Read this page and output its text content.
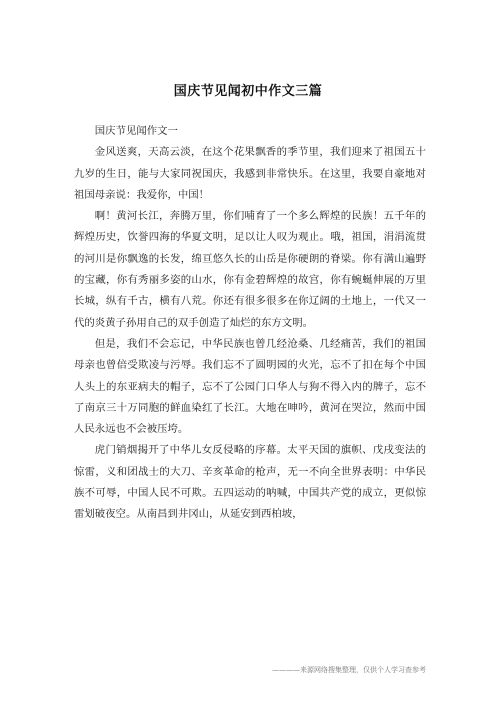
国庆节见闻初中作文三篇

国庆节见闻作文一

金风送爽，天高云淡，在这个花果飘香的季节里，我们迎来了祖国五十九岁的生日，能与大家同祝国庆，我感到非常快乐。在这里，我要自豪地对祖国母亲说：我爱你，中国！

啊！黄河长江，奔腾万里，你们哺育了一个多么辉煌的民族！五千年的辉煌历史，饮誉四海的华夏文明，足以让人叹为观止。哦，祖国，涓涓流贯的河川是你飘逸的长发，绵亘悠久长的山岳是你硬朗的脊梁。你有满山遍野的宝藏，你有秀丽多姿的山水，你有金碧辉煌的故宫，你有蜿蜒伸展的万里长城，纵有千古，横有八荒。你还有很多很多在你辽阔的土地上，一代又一代的炎黄子孙用自己的双手创造了灿烂的东方文明。

但是，我们不会忘记，中华民族也曾几经沧桑、几经痛苦，我们的祖国母亲也曾倍受欺凌与污辱。我们忘不了圆明园的火光，忘不了扣在每个中国人头上的东亚病夫的帽子，忘不了公园门口华人与狗不得入内的牌子，忘不了南京三十万同胞的鲜血染红了长江。大地在呻吟，黄河在哭泣，然而中国人民永远也不会被压垮。

虎门销烟揭开了中华儿女反侵略的序幕。太平天国的旗帜、戊戌变法的惊雷，义和团战士的大刀、辛亥革命的枪声，无一不向全世界表明：中华民族不可辱，中国人民不可欺。五四运动的呐喊，中国共产党的成立，更似惊雷划破夜空。从南昌到井冈山，从延安到西柏坡，

————来源网络搜集整理，仅供个人学习查参考
